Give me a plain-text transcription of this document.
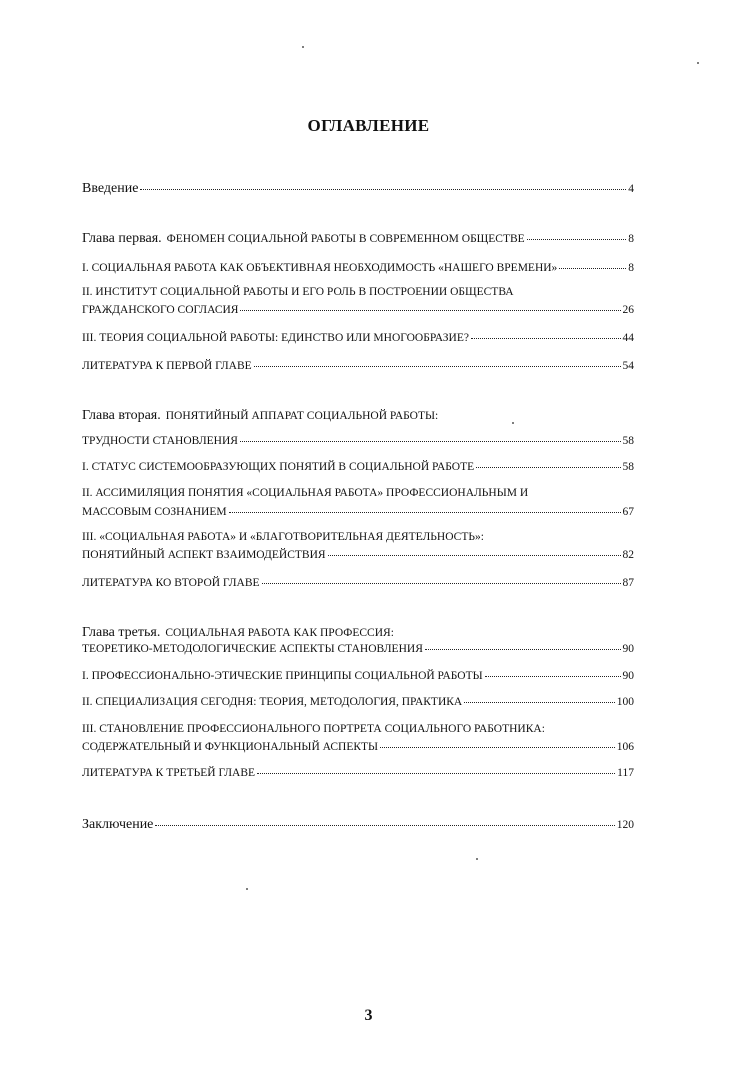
ОГЛАВЛЕНИЕ
Введение	4
Глава первая. ФЕНОМЕН СОЦИАЛЬНОЙ РАБОТЫ В СОВРЕМЕННОМ ОБЩЕСТВЕ	8
I. СОЦИАЛЬНАЯ РАБОТА КАК ОБЪЕКТИВНАЯ НЕОБХОДИМОСТЬ «НАШЕГО ВРЕМЕНИ»	8
II. ИНСТИТУТ СОЦИАЛЬНОЙ РАБОТЫ И ЕГО РОЛЬ В ПОСТРОЕНИИ ОБЩЕСТВА
ГРАЖДАНСКОГО СОГЛАСИЯ	26
III. ТЕОРИЯ СОЦИАЛЬНОЙ РАБОТЫ: ЕДИНСТВО ИЛИ МНОГООБРАЗИЕ?	44
ЛИТЕРАТУРА К ПЕРВОЙ ГЛАВЕ	54
Глава вторая. ПОНЯТИЙНЫЙ АППАРАТ СОЦИАЛЬНОЙ РАБОТЫ:
ТРУДНОСТИ СТАНОВЛЕНИЯ	58
I. СТАТУС СИСТЕМООБРАЗУЮЩИХ ПОНЯТИЙ В СОЦИАЛЬНОЙ РАБОТЕ	58
II. АССИМИЛЯЦИЯ ПОНЯТИЯ «СОЦИАЛЬНАЯ РАБОТА» ПРОФЕССИОНАЛЬНЫМ И
МАССОВЫМ СОЗНАНИЕМ	67
III. «СОЦИАЛЬНАЯ РАБОТА» И «БЛАГОТВОРИТЕЛЬНАЯ ДЕЯТЕЛЬНОСТЬ»:
ПОНЯТИЙНЫЙ АСПЕКТ ВЗАИМОДЕЙСТВИЯ	82
ЛИТЕРАТУРА КО ВТОРОЙ ГЛАВЕ	87
Глава третья. СОЦИАЛЬНАЯ РАБОТА КАК ПРОФЕССИЯ:
ТЕОРЕТИКО-МЕТОДОЛОГИЧЕСКИЕ АСПЕКТЫ СТАНОВЛЕНИЯ	90
I. ПРОФЕССИОНАЛЬНО-ЭТИЧЕСКИЕ ПРИНЦИПЫ СОЦИАЛЬНОЙ РАБОТЫ	90
II. СПЕЦИАЛИЗАЦИЯ СЕГОДНЯ: ТЕОРИЯ, МЕТОДОЛОГИЯ, ПРАКТИКА	100
III. СТАНОВЛЕНИЕ ПРОФЕССИОНАЛЬНОГО ПОРТРЕТА СОЦИАЛЬНОГО РАБОТНИКА:
СОДЕРЖАТЕЛЬНЫЙ И ФУНКЦИОНАЛЬНЫЙ АСПЕКТЫ	106
ЛИТЕРАТУРА К ТРЕТЬЕЙ ГЛАВЕ	117
Заключение	120
3
